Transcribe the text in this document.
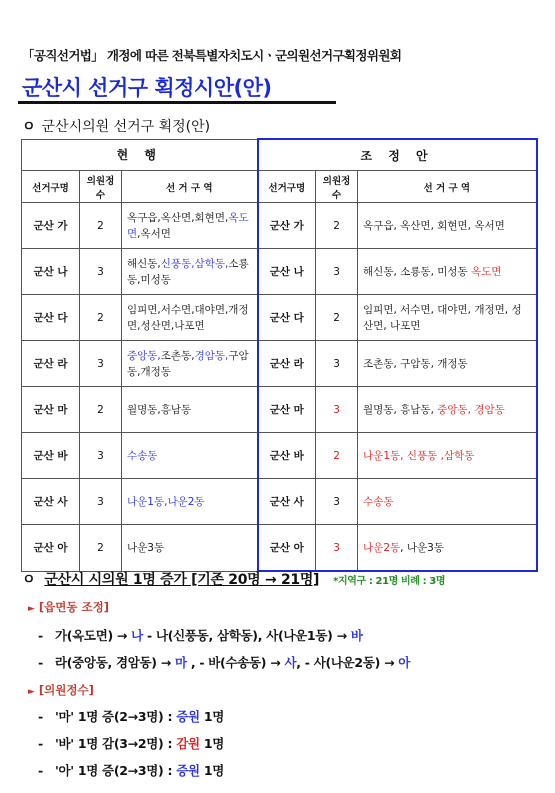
「공직선거법」 개정에 따른 전북특별자치도시ㆍ군의원선거구획정위원회
군산시 선거구 획정시안(안)
ㅇ 군산시의원 선거구 획정(안)
현 행			조 정 안		
선거구명	의원정수	선 거 구 역	선거구명	의원정수	선 거 구 역
군산 가	2	옥구읍,옥산면,회현면,옥도면,옥서면	군산 가	2	옥구읍, 옥산면, 회현면, 옥서면
군산 나	3	해신동,신풍동,삼학동,소룡동,미성동	군산 나	3	해신동, 소룡동, 미성동 옥도면
군산 다	2	임피면,서수면,대야면,개정면,성산면,나포면	군산 다	2	임피면, 서수면, 대야면, 개정면, 성산면, 나포면
군산 라	3	중앙동,조촌동,경암동,구암동,개정동	군산 라	3	조촌동, 구암동, 개정동
군산 마	2	월명동,흥남동	군산 마	3	월명동, 흥남동, 중앙동, 경암동
군산 바	3	수송동	군산 바	2	나운1동, 신풍동 ,삼학동
군산 사	3	나운1동,나운2동	군산 사	3	수송동
군산 아	2	나운3동	군산 아	3	나운2동, 나운3동
ㅇ 군산시 시의원 1명 증가 [기존 20명 → 21명] *지역구 : 21명 비례 : 3명
► [읍면동 조정]
- 가(옥도면) → 나 - 나(신풍동, 삼학동), 사(나운1동) → 바
- 라(중앙동, 경암동) → 마 , - 바(수송동) → 사, - 사(나운2동) → 아
► [의원정수]
- '마' 1명 증(2→3명) : 증원 1명
- '바' 1명 감(3→2명) : 감원 1명
- '아' 1명 증(2→3명) : 증원 1명
